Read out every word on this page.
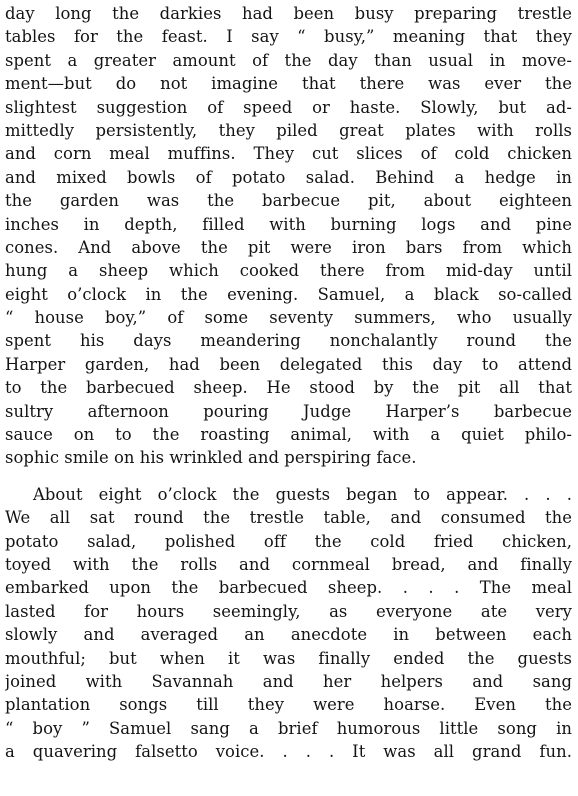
day long the darkies had been busy preparing trestle
tables for the feast. I say “ busy,” meaning that they
spent a greater amount of the day than usual in move-
ment—but do not imagine that there was ever the
slightest suggestion of speed or haste. Slowly, but ad-
mittedly persistently, they piled great plates with rolls
and corn meal muffins. They cut slices of cold chicken
and mixed bowls of potato salad. Behind a hedge in
the garden was the barbecue pit, about eighteen
inches in depth, filled with burning logs and pine
cones. And above the pit were iron bars from which
hung a sheep which cooked there from mid-day until
eight o’clock in the evening. Samuel, a black so-called
“ house boy,” of some seventy summers, who usually
spent his days meandering nonchalantly round the
Harper garden, had been delegated this day to attend
to the barbecued sheep. He stood by the pit all that
sultry afternoon pouring Judge Harper’s barbecue
sauce on to the roasting animal, with a quiet philo-
sophic smile on his wrinkled and perspiring face.

About eight o’clock the guests began to appear. . . .
We all sat round the trestle table, and consumed the
potato salad, polished off the cold fried chicken,
toyed with the rolls and cornmeal bread, and finally
embarked upon the barbecued sheep. . . . The meal
lasted for hours seemingly, as everyone ate very
slowly and averaged an anecdote in between each
mouthful; but when it was finally ended the guests
joined with Savannah and her helpers and sang
plantation songs till they were hoarse. Even the
“ boy ” Samuel sang a brief humorous little song in
a quavering falsetto voice. . . . It was all grand fun.
